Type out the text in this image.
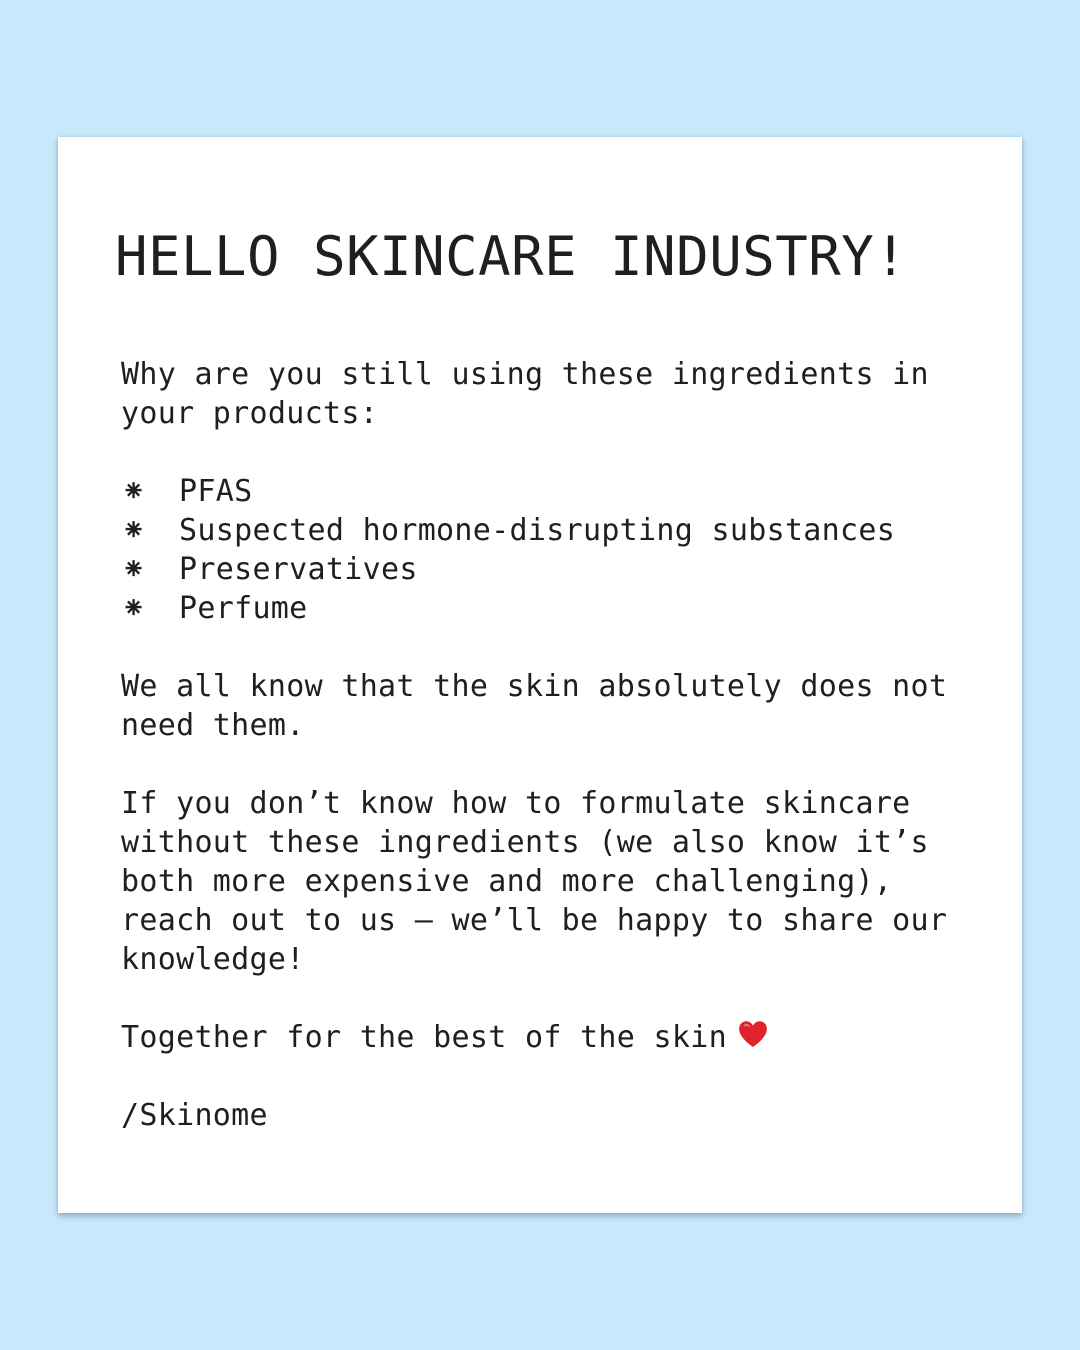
HELLO SKINCARE INDUSTRY!

Why are you still using these ingredients in your products:

⁕	PFAS
⁕	Suspected hormone-disrupting substances
⁕	Preservatives
⁕	Perfume

We all know that the skin absolutely does not need them.

If you don’t know how to formulate skincare without these ingredients (we also know it’s both more expensive and more challenging), reach out to us – we’ll be happy to share our knowledge!

Together for the best of the skin

/Skinome
